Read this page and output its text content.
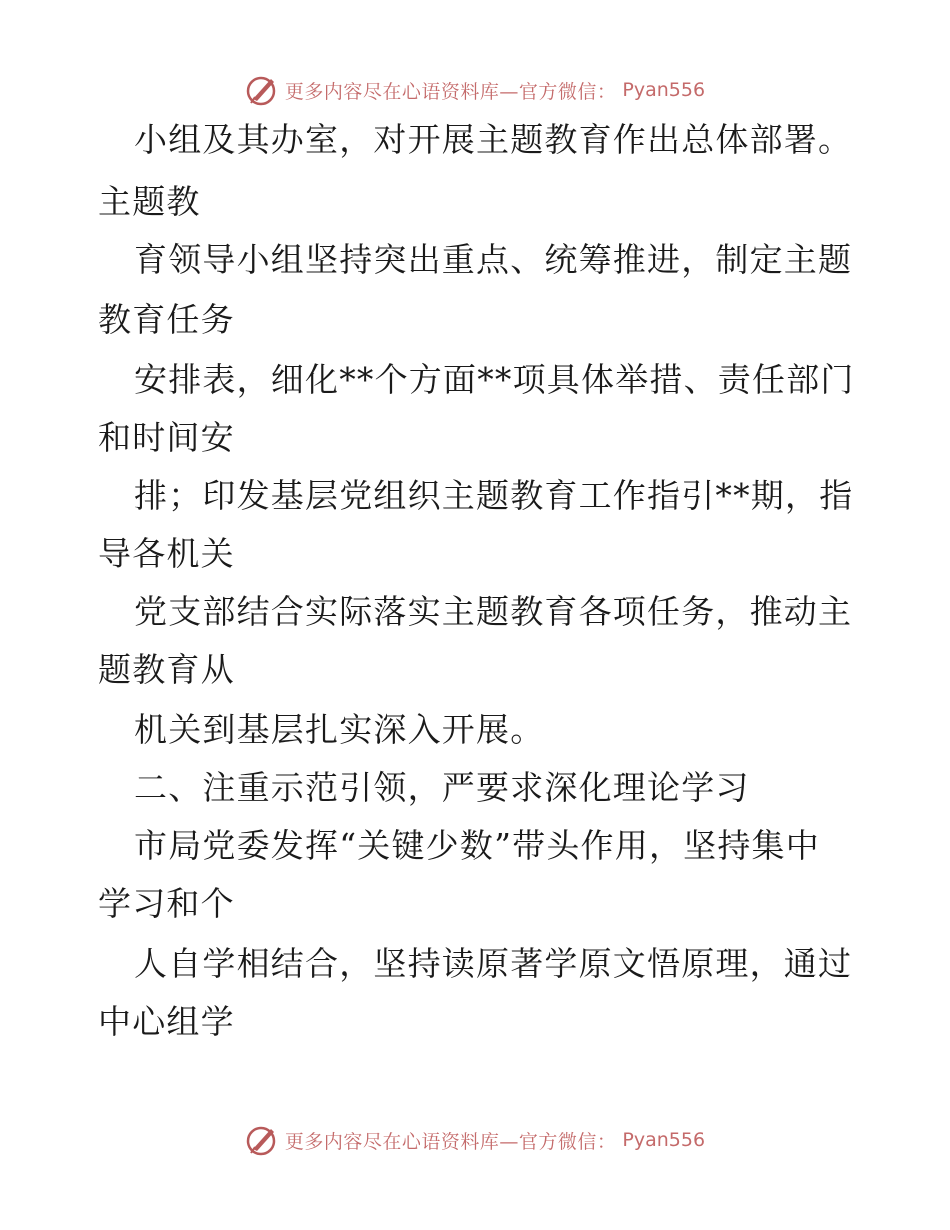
更多内容尽在心语资料库—官方微信： Pyan556
小组及其办室，对开展主题教育作出总体部署。
主题教
育领导小组坚持突出重点、统筹推进，制定主题
教育任务
安排表，细化**个方面**项具体举措、责任部门
和时间安
排；印发基层党组织主题教育工作指引**期，指
导各机关
党支部结合实际落实主题教育各项任务，推动主
题教育从
机关到基层扎实深入开展。
二、注重示范引领，严要求深化理论学习
市局党委发挥“关键少数”带头作用，坚持集中
学习和个
人自学相结合，坚持读原著学原文悟原理，通过
中心组学
更多内容尽在心语资料库—官方微信： Pyan556
